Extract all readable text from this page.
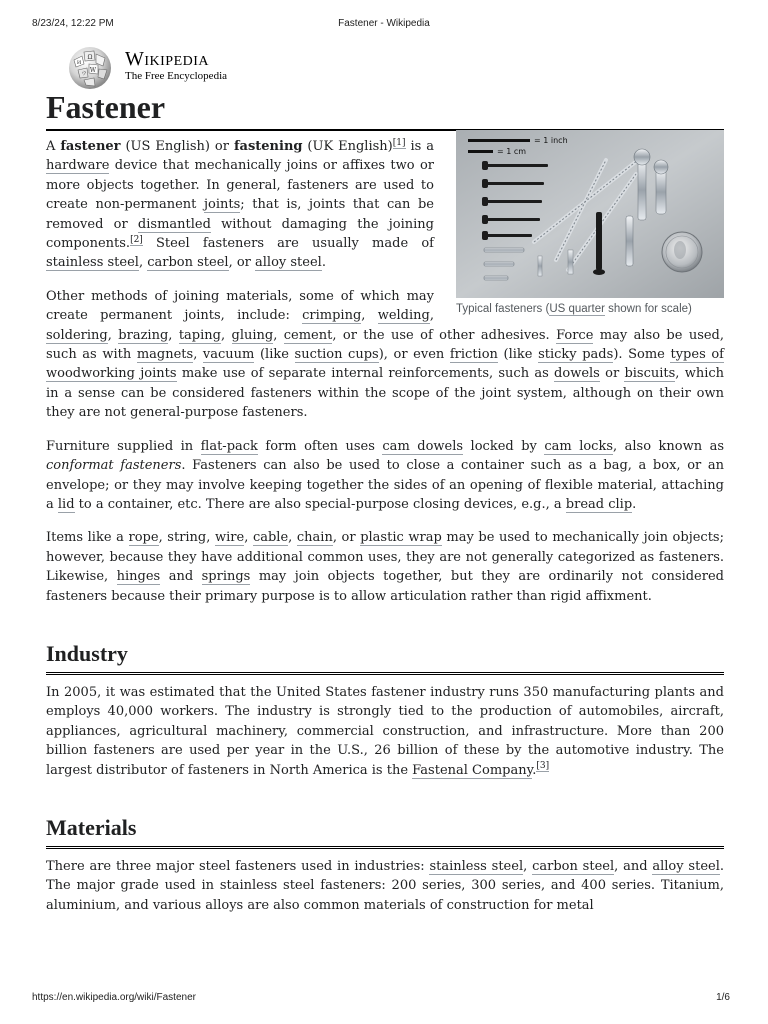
8/23/24, 12:22 PM	Fastener - Wikipedia
Ω
W
И
ウ
Wikipedia
The Free Encyclopedia
Fastener
= 1 inch
= 1 cm
Typical fasteners (US quarter shown for scale)

A fastener (US English) or fastening (UK English)[1] is a hardware device that mechanically joins or affixes two or more objects together. In general, fasteners are used to create non-permanent joints; that is, joints that can be removed or dismantled without damaging the joining components.[2] Steel fasteners are usually made of stainless steel, carbon steel, or alloy steel.

Other methods of joining materials, some of which may create permanent joints, include: crimping, welding, soldering, brazing, taping, gluing, cement, or the use of other adhesives. Force may also be used, such as with magnets, vacuum (like suction cups), or even friction (like sticky pads). Some types of woodworking joints make use of separate internal reinforcements, such as dowels or biscuits, which in a sense can be considered fasteners within the scope of the joint system, although on their own they are not general-purpose fasteners.

Furniture supplied in flat-pack form often uses cam dowels locked by cam locks, also known as conformat fasteners. Fasteners can also be used to close a container such as a bag, a box, or an envelope; or they may involve keeping together the sides of an opening of flexible material, attaching a lid to a container, etc. There are also special-purpose closing devices, e.g., a bread clip.

Items like a rope, string, wire, cable, chain, or plastic wrap may be used to mechanically join objects; however, because they have additional common uses, they are not generally categorized as fasteners. Likewise, hinges and springs may join objects together, but they are ordinarily not considered fasteners because their primary purpose is to allow articulation rather than rigid affixment.

Industry

In 2005, it was estimated that the United States fastener industry runs 350 manufacturing plants and employs 40,000 workers. The industry is strongly tied to the production of automobiles, aircraft, appliances, agricultural machinery, commercial construction, and infrastructure. More than 200 billion fasteners are used per year in the U.S., 26 billion of these by the automotive industry. The largest distributor of fasteners in North America is the Fastenal Company.[3]

Materials

There are three major steel fasteners used in industries: stainless steel, carbon steel, and alloy steel. The major grade used in stainless steel fasteners: 200 series, 300 series, and 400 series. Titanium, aluminium, and various alloys are also common materials of construction for metal

https://en.wikipedia.org/wiki/Fastener	1/6
